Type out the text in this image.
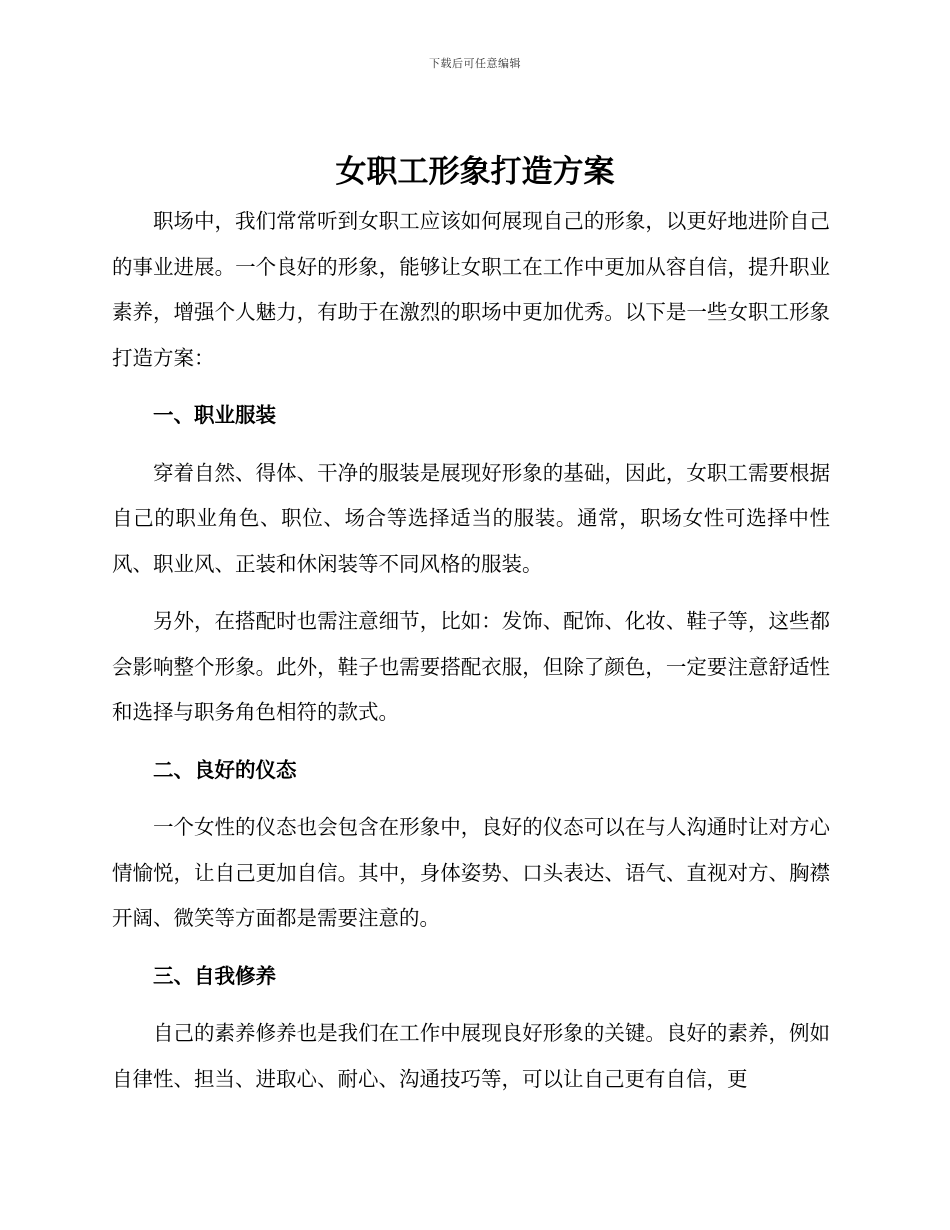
下载后可任意编辑
女职工形象打造方案

职场中，我们常常听到女职工应该如何展现自己的形象，以更好地进阶自己的事业进展。一个良好的形象，能够让女职工在工作中更加从容自信，提升职业素养，增强个人魅力，有助于在激烈的职场中更加优秀。以下是一些女职工形象打造方案：

一、职业服装

穿着自然、得体、干净的服装是展现好形象的基础，因此，女职工需要根据自己的职业角色、职位、场合等选择适当的服装。通常，职场女性可选择中性风、职业风、正装和休闲装等不同风格的服装。

另外，在搭配时也需注意细节，比如：发饰、配饰、化妆、鞋子等，这些都会影响整个形象。此外，鞋子也需要搭配衣服，但除了颜色，一定要注意舒适性和选择与职务角色相符的款式。

二、良好的仪态

一个女性的仪态也会包含在形象中，良好的仪态可以在与人沟通时让对方心情愉悦，让自己更加自信。其中，身体姿势、口头表达、语气、直视对方、胸襟开阔、微笑等方面都是需要注意的。

三、自我修养

自己的素养修养也是我们在工作中展现良好形象的关键。良好的素养，例如自律性、担当、进取心、耐心、沟通技巧等，可以让自己更有自信，更
